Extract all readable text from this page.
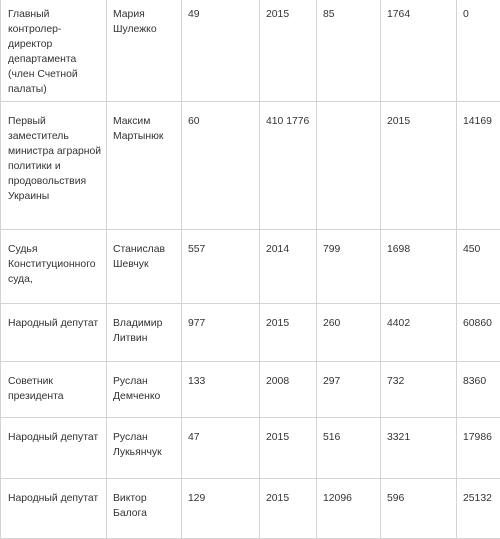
Главный контролер-директор департамента (член Счетной палаты)	Мария Шулежко	49	2015	85	1764	0
Первый заместитель министра аграрной политики и продовольствия Украины	Максим Мартынюк	60	410 1776		2015	14169
Судья Конституционного суда,	Станислав Шевчук	557	2014	799	1698	450
Народный депутат	Владимир Литвин	977	2015	260	4402	60860
Советник президента	Руслан Демченко	133	2008	297	732	8360
Народный депутат	Руслан Лукьянчук	47	2015	516	3321	17986
Народный депутат	Виктор Балога	129	2015	12096	596	25132
